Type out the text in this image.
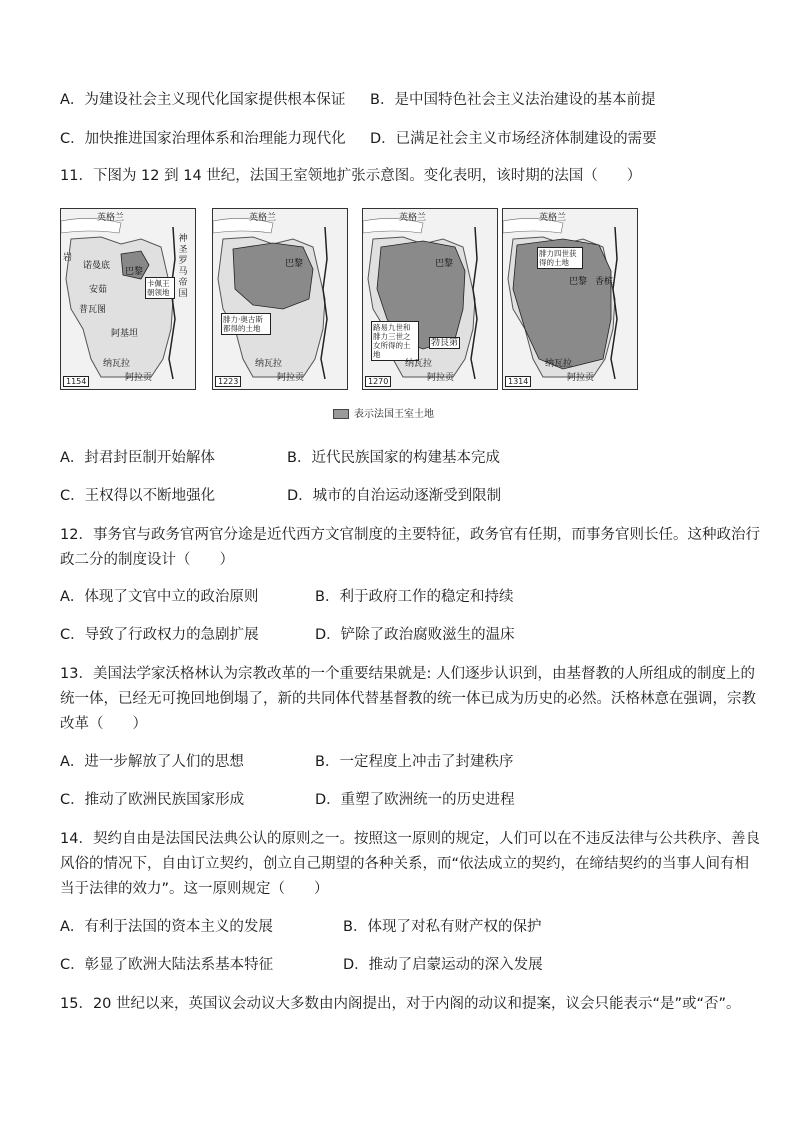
A．为建设社会主义现代化国家提供根本保证 B．是中国特色社会主义法治建设的基本前提
C．加快推进国家治理体系和治理能力现代化 D．已满足社会主义市场经济体制建设的需要
11．下图为 12 到 14 世纪，法国王室领地扩张示意图。变化表明，该时期的法国（　　）
英格兰
岩
诺曼底
巴黎
安茹
普瓦图
阿基坦
卡佩王朝领地
纳瓦拉
阿拉贡
1154
英格兰
巴黎
腓力·奥古斯都得的土地
纳瓦拉
阿拉贡
1223
英格兰
巴黎
路易九世和腓力三世之女所得的土地
勃艮第
纳瓦拉
阿拉贡
1270
英格兰
腓力四世获得的土地
巴黎 香槟
纳瓦拉
阿拉贡
1314
神
圣
罗
马
帝
国
表示法国王室土地
A．封君封臣制开始解体	B．近代民族国家的构建基本完成
C．王权得以不断地强化	D．城市的自治运动逐渐受到限制
12．事务官与政务官两官分途是近代西方文官制度的主要特征，政务官有任期，而事务官则长任。这种政治行
政二分的制度设计（　　）
A．体现了文官中立的政治原则	B．利于政府工作的稳定和持续
C．导致了行政权力的急剧扩展	D．铲除了政治腐败滋生的温床
13．美国法学家沃格林认为宗教改革的一个重要结果就是: 人们逐步认识到，由基督教的人所组成的制度上的
统一体，已经无可挽回地倒塌了，新的共同体代替基督教的统一体已成为历史的必然。沃格林意在强调，宗教
改革（　　）
A．进一步解放了人们的思想	B．一定程度上冲击了封建秩序
C．推动了欧洲民族国家形成	D．重塑了欧洲统一的历史进程
14．契约自由是法国民法典公认的原则之一。按照这一原则的规定，人们可以在不违反法律与公共秩序、善良
风俗的情况下，自由订立契约，创立自己期望的各种关系，而“依法成立的契约，在缔结契约的当事人间有相
当于法律的效力”。这一原则规定（　　）
A．有利于法国的资本主义的发展	B．体现了对私有财产权的保护
C．彰显了欧洲大陆法系基本特征	D．推动了启蒙运动的深入发展
15．20 世纪以来，英国议会动议大多数由内阁提出，对于内阁的动议和提案，议会只能表示“是”或“否”。
